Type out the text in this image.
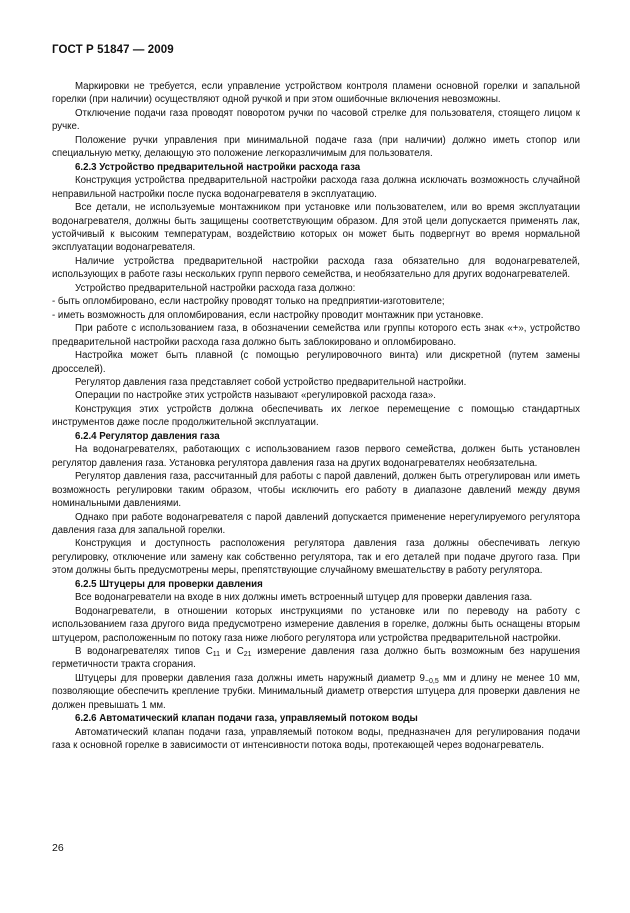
ГОСТ Р 51847 — 2009

Маркировки не требуется, если управление устройством контроля пламени основной горелки и запальной горелки (при наличии) осуществляют одной ручкой и при этом ошибочные включения невозможны.

Отключение подачи газа проводят поворотом ручки по часовой стрелке для пользователя, стоящего лицом к ручке.

Положение ручки управления при минимальной подаче газа (при наличии) должно иметь стопор или специальную метку, делающую это положение легкоразличимым для пользователя.

6.2.3 Устройство предварительной настройки расхода газа

Конструкция устройства предварительной настройки расхода газа должна исключать возможность случайной неправильной настройки после пуска водонагревателя в эксплуатацию.

Все детали, не используемые монтажником при установке или пользователем, или во время эксплуатации водонагревателя, должны быть защищены соответствующим образом. Для этой цели допускается применять лак, устойчивый к высоким температурам, воздействию которых он может быть подвергнут во время нормальной эксплуатации водонагревателя.

Наличие устройства предварительной настройки расхода газа обязательно для водонагревателей, использующих в работе газы нескольких групп первого семейства, и необязательно для других водонагревателей.

Устройство предварительной настройки расхода газа должно:

- быть опломбировано, если настройку проводят только на предприятии-изготовителе;

- иметь возможность для опломбирования, если настройку проводит монтажник при установке.

При работе с использованием газа, в обозначении семейства или группы которого есть знак «+», устройство предварительной настройки расхода газа должно быть заблокировано и опломбировано.

Настройка может быть плавной (с помощью регулировочного винта) или дискретной (путем замены дросселей).

Регулятор давления газа представляет собой устройство предварительной настройки.

Операции по настройке этих устройств называют «регулировкой расхода газа».

Конструкция этих устройств должна обеспечивать их легкое перемещение с помощью стандартных инструментов даже после продолжительной эксплуатации.

6.2.4 Регулятор давления газа

На водонагревателях, работающих с использованием газов первого семейства, должен быть установлен регулятор давления газа. Установка регулятора давления газа на других водонагревателях необязательна.

Регулятор давления газа, рассчитанный для работы с парой давлений, должен быть отрегулирован или иметь возможность регулировки таким образом, чтобы исключить его работу в диапазоне давлений между двумя номинальными давлениями.

Однако при работе водонагревателя с парой давлений допускается применение нерегулируемого регулятора давления газа для запальной горелки.

Конструкция и доступность расположения регулятора давления газа должны обеспечивать легкую регулировку, отключение или замену как собственно регулятора, так и его деталей при подаче другого газа. При этом должны быть предусмотрены меры, препятствующие случайному вмешательству в работу регулятора.

6.2.5 Штуцеры для проверки давления

Все водонагреватели на входе в них должны иметь встроенный штуцер для проверки давления газа.

Водонагреватели, в отношении которых инструкциями по установке или по переводу на работу с использованием газа другого вида предусмотрено измерение давления в горелке, должны быть оснащены вторым штуцером, расположенным по потоку газа ниже любого регулятора или устройства предварительной настройки.

В водонагревателях типов $С_{11}$ и $С_{21}$ измерение давления газа должно быть возможным без нарушения герметичности тракта сгорания.

Штуцеры для проверки давления газа должны иметь наружный диаметр $9_{-0,5}$ мм и длину не менее 10 мм, позволяющие обеспечить крепление трубки. Минимальный диаметр отверстия штуцера для проверки давления не должен превышать 1 мм.

6.2.6 Автоматический клапан подачи газа, управляемый потоком воды

Автоматический клапан подачи газа, управляемый потоком воды, предназначен для регулирования подачи газа к основной горелке в зависимости от интенсивности потока воды, протекающей через водонагреватель.

26
